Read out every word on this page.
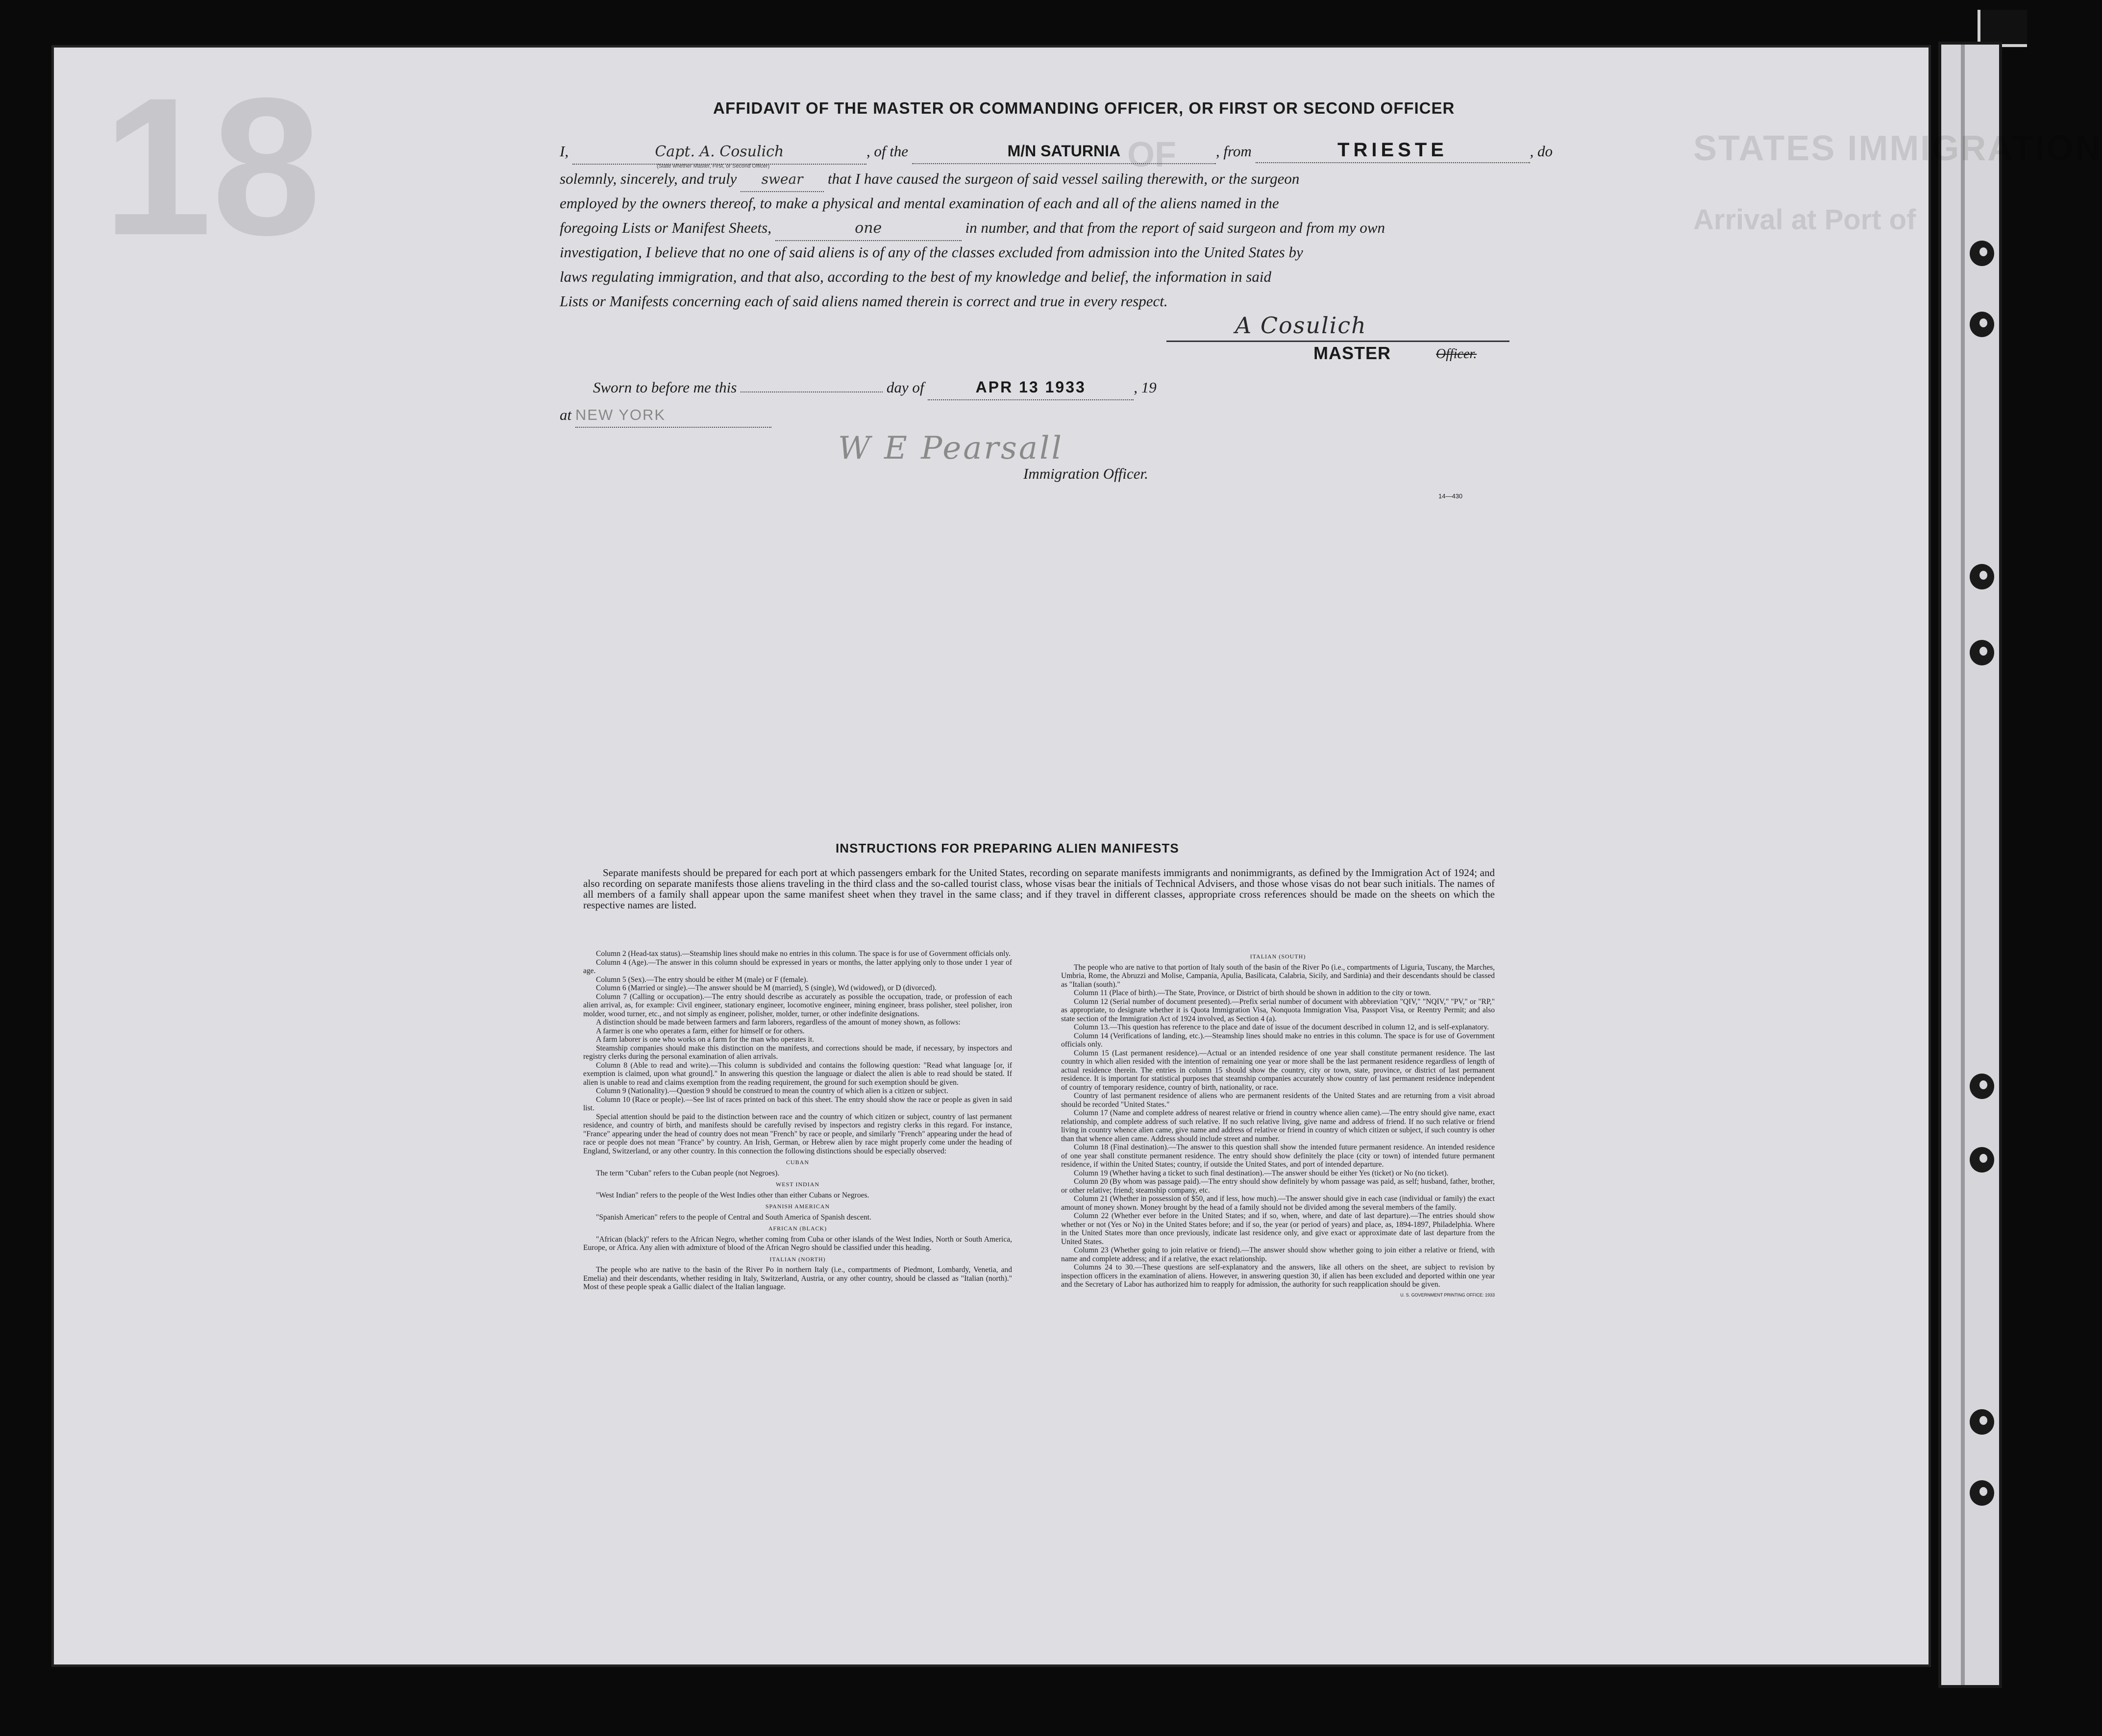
18	OF	STATES IMMIGRATION
Arrival at Port of
AFFIDAVIT OF THE MASTER OR COMMANDING OFFICER, OR FIRST OR SECOND OFFICER
I,	Capt. A. Cosulich	, of the	M/N SATURNIA	, from	TRIESTE	, do
(State whether Master, First, or Second Officer)
solemnly, sincerely, and truly swear that I have caused the surgeon of said vessel sailing therewith, or the surgeon
employed by the owners thereof, to make a physical and mental examination of each and all of the aliens named in the
foregoing Lists or Manifest Sheets,	one	in number, and that from the report of said surgeon and from my own
investigation, I believe that no one of said aliens is of any of the classes excluded from admission into the United States by
laws regulating immigration, and that also, according to the best of my knowledge and belief, the information in said
Lists or Manifests concerning each of said aliens named therein is correct and true in every respect.
A Cosulich
MASTER	Officer.
Sworn to before me this	day of	APR 13 1933	, 19
at NEW YORK
W E Pearsall
Immigration Officer.
14—430
INSTRUCTIONS FOR PREPARING ALIEN MANIFESTS

Separate manifests should be prepared for each port at which passengers embark for the United States, recording on separate manifests immigrants and nonimmigrants, as defined by the Immigration Act of 1924; and also recording on separate manifests those aliens traveling in the third class and the so-called tourist class, whose visas bear the initials of Technical Advisers, and those whose visas do not bear such initials. The names of all members of a family shall appear upon the same manifest sheet when they travel in the same class; and if they travel in different classes, appropriate cross references should be made on the sheets on which the respective names are listed.

Column 2 (Head-tax status).—Steamship lines should make no entries in this column. The space is for use of Government officials only.

Column 4 (Age).—The answer in this column should be expressed in years or months, the latter applying only to those under 1 year of age.

Column 5 (Sex).—The entry should be either M (male) or F (female).

Column 6 (Married or single).—The answer should be M (married), S (single), Wd (widowed), or D (divorced).

Column 7 (Calling or occupation).—The entry should describe as accurately as possible the occupation, trade, or profession of each alien arrival, as, for example: Civil engineer, stationary engineer, locomotive engineer, mining engineer, brass polisher, steel polisher, iron molder, wood turner, etc., and not simply as engineer, polisher, molder, turner, or other indefinite designations.

A distinction should be made between farmers and farm laborers, regardless of the amount of money shown, as follows:

A farmer is one who operates a farm, either for himself or for others.

A farm laborer is one who works on a farm for the man who operates it.

Steamship companies should make this distinction on the manifests, and corrections should be made, if necessary, by inspectors and registry clerks during the personal examination of alien arrivals.

Column 8 (Able to read and write).—This column is subdivided and contains the following question: "Read what language [or, if exemption is claimed, upon what ground]." In answering this question the language or dialect the alien is able to read should be stated. If alien is unable to read and claims exemption from the reading requirement, the ground for such exemption should be given.

Column 9 (Nationality).—Question 9 should be construed to mean the country of which alien is a citizen or subject.

Column 10 (Race or people).—See list of races printed on back of this sheet. The entry should show the race or people as given in said list.

Special attention should be paid to the distinction between race and the country of which citizen or subject, country of last permanent residence, and country of birth, and manifests should be carefully revised by inspectors and registry clerks in this regard. For instance, "France" appearing under the head of country does not mean "French" by race or people, and similarly "French" appearing under the head of race or people does not mean "France" by country. An Irish, German, or Hebrew alien by race might properly come under the heading of England, Switzerland, or any other country. In this connection the following distinctions should be especially observed:

CUBAN

The term "Cuban" refers to the Cuban people (not Negroes).

WEST INDIAN

"West Indian" refers to the people of the West Indies other than either Cubans or Negroes.

SPANISH AMERICAN

"Spanish American" refers to the people of Central and South America of Spanish descent.

AFRICAN (BLACK)

"African (black)" refers to the African Negro, whether coming from Cuba or other islands of the West Indies, North or South America, Europe, or Africa. Any alien with admixture of blood of the African Negro should be classified under this heading.

ITALIAN (NORTH)

The people who are native to the basin of the River Po in northern Italy (i.e., compartments of Piedmont, Lombardy, Venetia, and Emelia) and their descendants, whether residing in Italy, Switzerland, Austria, or any other country, should be classed as "Italian (north)." Most of these people speak a Gallic dialect of the Italian language.

ITALIAN (SOUTH)

The people who are native to that portion of Italy south of the basin of the River Po (i.e., compartments of Liguria, Tuscany, the Marches, Umbria, Rome, the Abruzzi and Molise, Campania, Apulia, Basilicata, Calabria, Sicily, and Sardinia) and their descendants should be classed as "Italian (south)."

Column 11 (Place of birth).—The State, Province, or District of birth should be shown in addition to the city or town.

Column 12 (Serial number of document presented).—Prefix serial number of document with abbreviation "QIV," "NQIV," "PV," or "RP," as appropriate, to designate whether it is Quota Immigration Visa, Nonquota Immigration Visa, Passport Visa, or Reentry Permit; and also state section of the Immigration Act of 1924 involved, as Section 4 (a).

Column 13.—This question has reference to the place and date of issue of the document described in column 12, and is self-explanatory.

Column 14 (Verifications of landing, etc.).—Steamship lines should make no entries in this column. The space is for use of Government officials only.

Column 15 (Last permanent residence).—Actual or an intended residence of one year shall constitute permanent residence. The last country in which alien resided with the intention of remaining one year or more shall be the last permanent residence regardless of length of actual residence therein. The entries in column 15 should show the country, city or town, state, province, or district of last permanent residence. It is important for statistical purposes that steamship companies accurately show country of last permanent residence independent of country of temporary residence, country of birth, nationality, or race.

Country of last permanent residence of aliens who are permanent residents of the United States and are returning from a visit abroad should be recorded "United States."

Column 17 (Name and complete address of nearest relative or friend in country whence alien came).—The entry should give name, exact relationship, and complete address of such relative. If no such relative living, give name and address of friend. If no such relative or friend living in country whence alien came, give name and address of relative or friend in country of which citizen or subject, if such country is other than that whence alien came. Address should include street and number.

Column 18 (Final destination).—The answer to this question shall show the intended future permanent residence. An intended residence of one year shall constitute permanent residence. The entry should show definitely the place (city or town) of intended future permanent residence, if within the United States; country, if outside the United States, and port of intended departure.

Column 19 (Whether having a ticket to such final destination).—The answer should be either Yes (ticket) or No (no ticket).

Column 20 (By whom was passage paid).—The entry should show definitely by whom passage was paid, as self; husband, father, brother, or other relative; friend; steamship company, etc.

Column 21 (Whether in possession of $50, and if less, how much).—The answer should give in each case (individual or family) the exact amount of money shown. Money brought by the head of a family should not be divided among the several members of the family.

Column 22 (Whether ever before in the United States; and if so, when, where, and date of last departure).—The entries should show whether or not (Yes or No) in the United States before; and if so, the year (or period of years) and place, as, 1894-1897, Philadelphia. Where in the United States more than once previously, indicate last residence only, and give exact or approximate date of last departure from the United States.

Column 23 (Whether going to join relative or friend).—The answer should show whether going to join either a relative or friend, with name and complete address; and if a relative, the exact relationship.

Columns 24 to 30.—These questions are self-explanatory and the answers, like all others on the sheet, are subject to revision by inspection officers in the examination of aliens. However, in answering question 30, if alien has been excluded and deported within one year and the Secretary of Labor has authorized him to reapply for admission, the authority for such reapplication should be given.

U. S. GOVERNMENT PRINTING OFFICE: 1933
